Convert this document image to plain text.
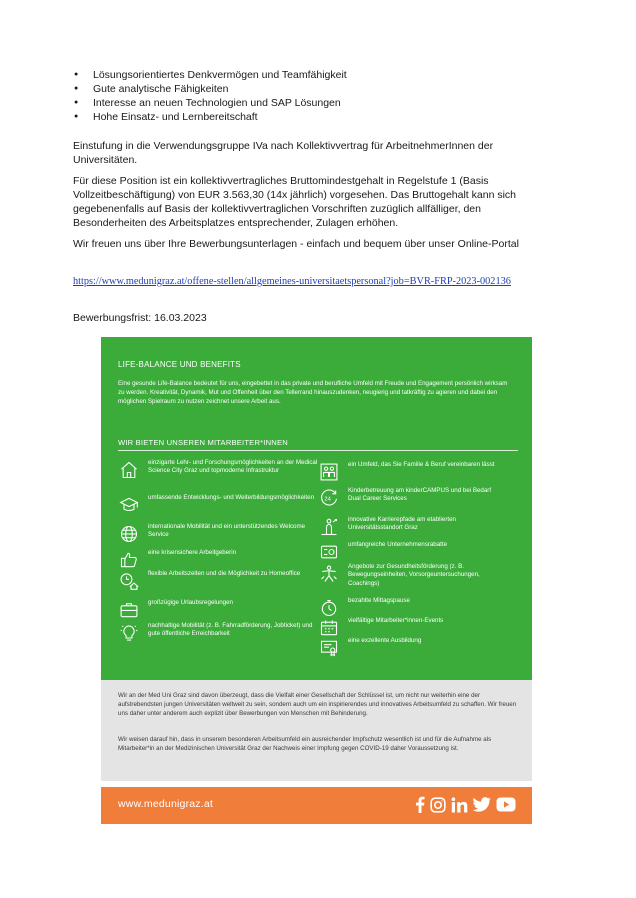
● Lösungsorientiertes Denkvermögen und Teamfähigkeit
● Gute analytische Fähigkeiten
● Interesse an neuen Technologien und SAP Lösungen
● Hohe Einsatz- und Lernbereitschaft

Einstufung in die Verwendungsgruppe IVa nach Kollektivvertrag für ArbeitnehmerInnen der Universitäten.

Für diese Position ist ein kollektivvertragliches Bruttomindestgehalt in Regelstufe 1 (Basis Vollzeitbeschäftigung) von EUR 3.563,30 (14x jährlich) vorgesehen. Das Bruttogehalt kann sich gegebenenfalls auf Basis der kollektivvertraglichen Vorschriften zuzüglich allfälliger, den Besonderheiten des Arbeitsplatzes entsprechender, Zulagen erhöhen.

Wir freuen uns über Ihre Bewerbungsunterlagen - einfach und bequem über unser Online-Portal

https://www.medunigraz.at/offene-stellen/allgemeines-universitaetspersonal?job=BVR-FRP-2023-002136
Bewerbungsfrist: 16.03.2023
LIFE-BALANCE UND BENEFITS

Eine gesunde Life-Balance bedeutet für uns, eingebettet in das private und berufliche Umfeld mit Freude und Engagement persönlich wirksam zu werden. Kreativität, Dynamik, Mut und Offenheit über den Tellerrand hinauszudenken, neugierig und tatkräftig zu agieren und dabei den möglichen Spielraum zu nutzen zeichnet unsere Arbeit aus.

WIR BIETEN UNSEREN MITARBEITER*INNEN
einzigarte Lehr- und Forschungsmöglichkeiten an der Medical Science City Graz und topmoderne Infrastruktur
umfassende Entwicklungs- und Weiterbildungsmöglichkeiten
internationale Mobilität und ein unterstützendes Welcome Service
eine krisensichere Arbeitgeberin
flexible Arbeitszeiten und die Möglichkeit zu Homeoffice
großzügige Urlaubsregelungen
nachhaltige Mobilität (z. B. Fahrradförderung, Jobticket) und gute öffentliche Erreichbarkeit
ein Umfeld, das Sie Familie & Beruf vereinbaren lässt
24
Kinderbetreuung am kinderCAMPUS und bei Bedarf Dual Career Services
innovative Karrierepfade am etablierten Universitätsstandort Graz
umfangreiche Unternehmensrabatte
Angebote zur Gesundheitsförderung (z. B. Bewegungseinheiten, Vorsorgeuntersuchungen, Coachings)
bezahlte Mittagspause
vielfältige Mitarbeiter*innen-Events
eine exzellente Ausbildung

Wir an der Med Uni Graz sind davon überzeugt, dass die Vielfalt einer Gesellschaft der Schlüssel ist, um nicht nur weiterhin eine der aufstrebendsten jungen Universitäten weltweit zu sein, sondern auch um ein inspirierendes und innovatives Arbeitsumfeld zu schaffen. Wir freuen uns daher unter anderem auch explizit über Bewerbungen von Menschen mit Behinderung.

Wir weisen darauf hin, dass in unserem besonderen Arbeitsumfeld ein ausreichender Impfschutz wesentlich ist und für die Aufnahme als Mitarbeiter*in an der Medizinischen Universität Graz der Nachweis einer Impfung gegen COVID-19 daher Voraussetzung ist.

www.medunigraz.at
